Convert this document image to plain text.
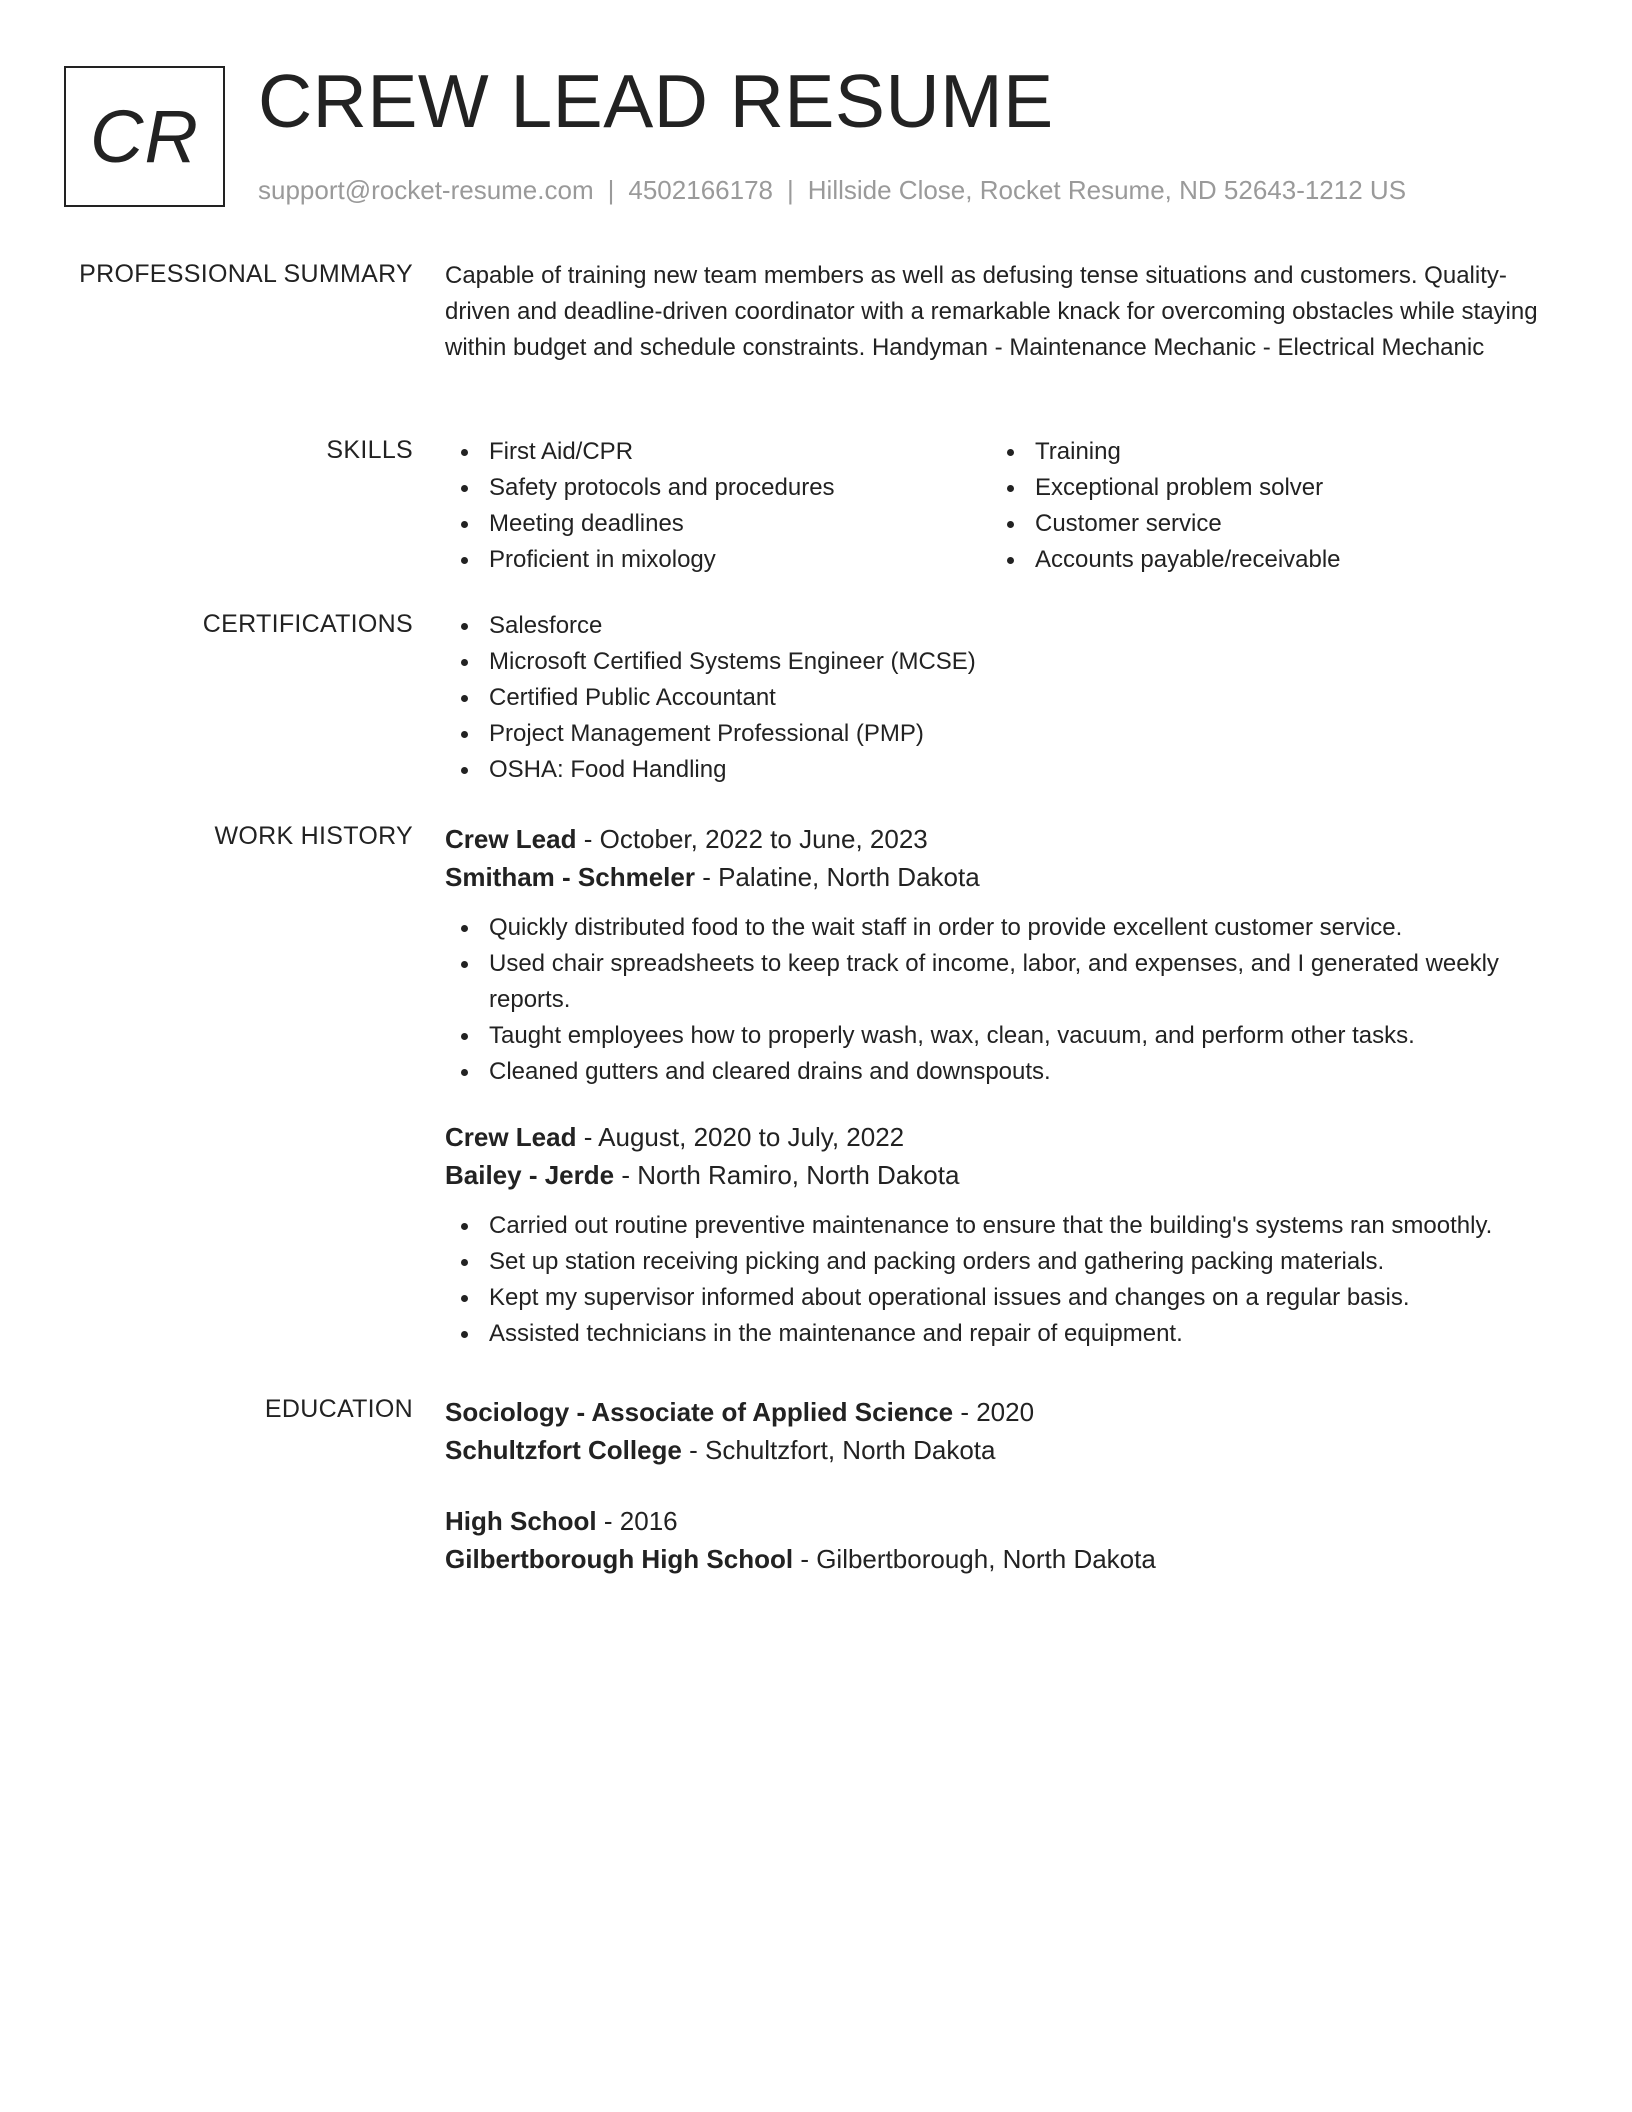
CR CREW LEAD RESUME
support@rocket-resume.com | 4502166178 | Hillside Close, Rocket Resume, ND 52643-1212 US
PROFESSIONAL SUMMARY Capable of training new team members as well as defusing tense situations and customers. Quality-driven and deadline-driven coordinator with a remarkable knack for overcoming obstacles while staying within budget and schedule constraints. Handyman - Maintenance Mechanic - Electrical Mechanic

SKILLS	First Aid/CPR
Safety protocols and procedures
Meeting deadlines
Proficient in mixology
Training
Exceptional problem solver
Customer service
Accounts payable/receivable
CERTIFICATIONS	Salesforce
Microsoft Certified Systems Engineer (MCSE)
Certified Public Accountant
Project Management Professional (PMP)
OSHA: Food Handling
WORK HISTORY Crew Lead - October, 2022 to June, 2023
Smitham - Schmeler - Palatine, North Dakota
Quickly distributed food to the wait staff in order to provide excellent customer service.
Used chair spreadsheets to keep track of income, labor, and expenses, and I generated weekly reports.
Taught employees how to properly wash, wax, clean, vacuum, and perform other tasks.
Cleaned gutters and cleared drains and downspouts.
Crew Lead - August, 2020 to July, 2022
Bailey - Jerde - North Ramiro, North Dakota
Carried out routine preventive maintenance to ensure that the building's systems ran smoothly.
Set up station receiving picking and packing orders and gathering packing materials.
Kept my supervisor informed about operational issues and changes on a regular basis.
Assisted technicians in the maintenance and repair of equipment.
EDUCATION Sociology - Associate of Applied Science - 2020
Schultzfort College - Schultzfort, North Dakota
High School - 2016
Gilbertborough High School - Gilbertborough, North Dakota
